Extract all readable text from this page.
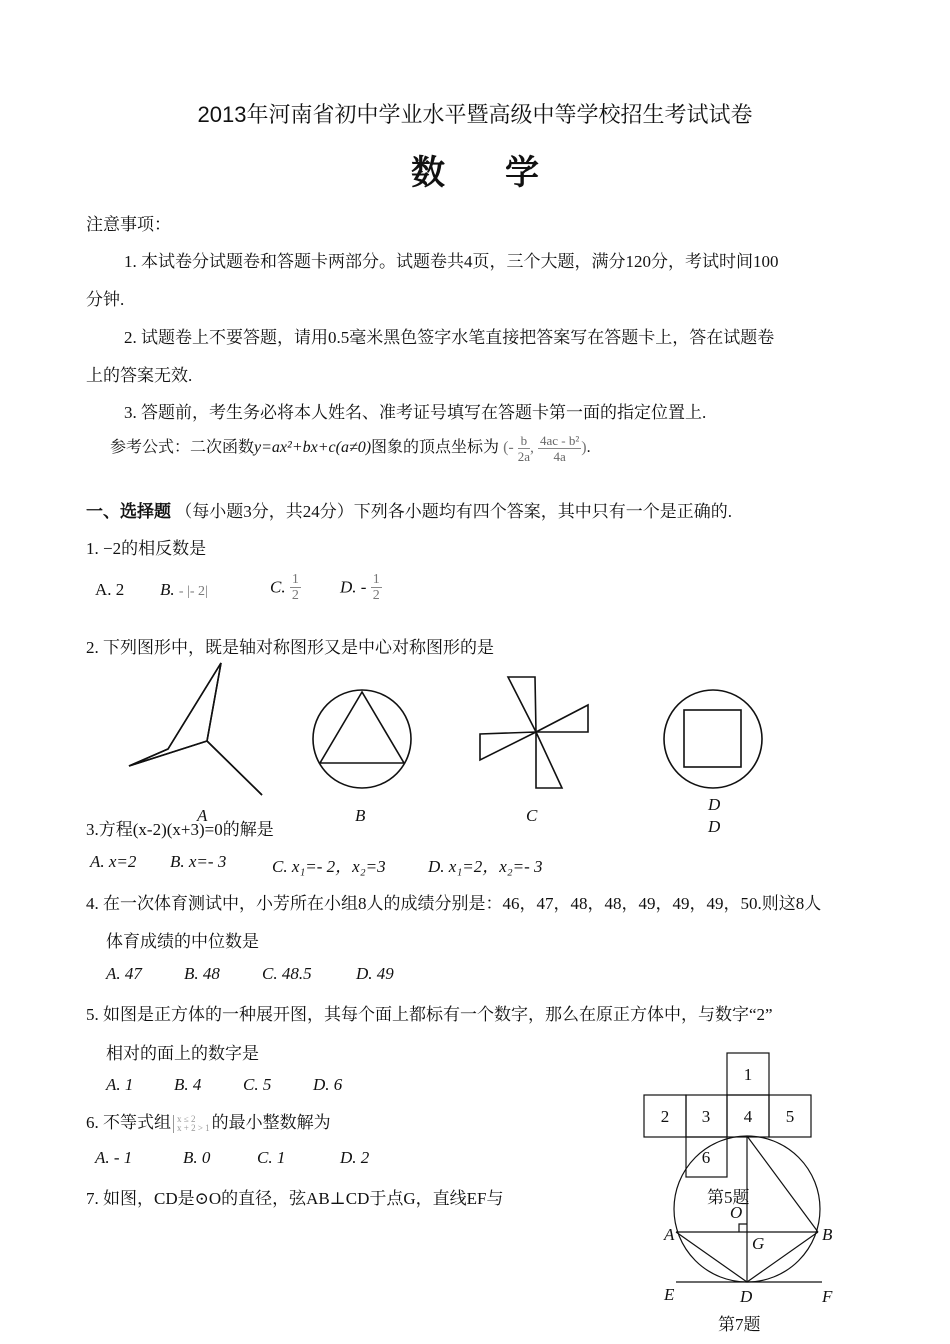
2013年河南省初中学业水平暨高级中等学校招生考试试卷
数学
注意事项：
1. 本试卷分试题卷和答题卡两部分。试题卷共4页，三个大题，满分120分，考试时间100
分钟.
2. 试题卷上不要答题，请用0.5毫米黑色签字水笔直接把答案写在答题卡上，答在试题卷
上的答案无效.
3. 答题前，考生务必将本人姓名、准考证号填写在答题卡第一面的指定位置上.
参考公式：二次函数y=ax²+bx+c(a≠0)图象的顶点坐标为 (- $\frac{b}{2a}$ , $\frac{\text{4ac - b²}}{4a}$ ).
一、选择题 （每小题3分，共24分）下列各小题均有四个答案，其中只有一个是正确的.
1. −2的相反数是
A. 2 B. - |- 2|	C. $\frac{1}{2} D$. - $\frac{1}{2}$
2. 下列图形中，既是轴对称图形又是中心对称图形的是
A	B	C
D
D
3.方程(x-2)(x+3)=0的解是
A. x=2 B. x=- 3	C. x₁=- 2，x₂=3 D. x₁=2，x₂=- 3
4. 在一次体育测试中，小芳所在小组8人的成绩分别是：46，47，48，48，49，49，49，50.则这8人
体育成绩的中位数是
A. 47 B. 48 C. 48.5	D. 49
5. 如图是正方体的一种展开图，其每个面上都标有一个数字，那么在原正方体中，与数字“2”
相对的面上的数字是
A. 1 B. 4 C. 5 D. 6
6. 不等式组 x ≤ 2
x + 2 > 1 的最小整数解为
A. - 1	B. 0	C. 1	D. 2
7. 如图，CD是⊙O的直径，弦AB⊥CD于点G，直线EF与
1
2 3 4 5
6
O
A	B
G
E	D	F
第5题
第7题
